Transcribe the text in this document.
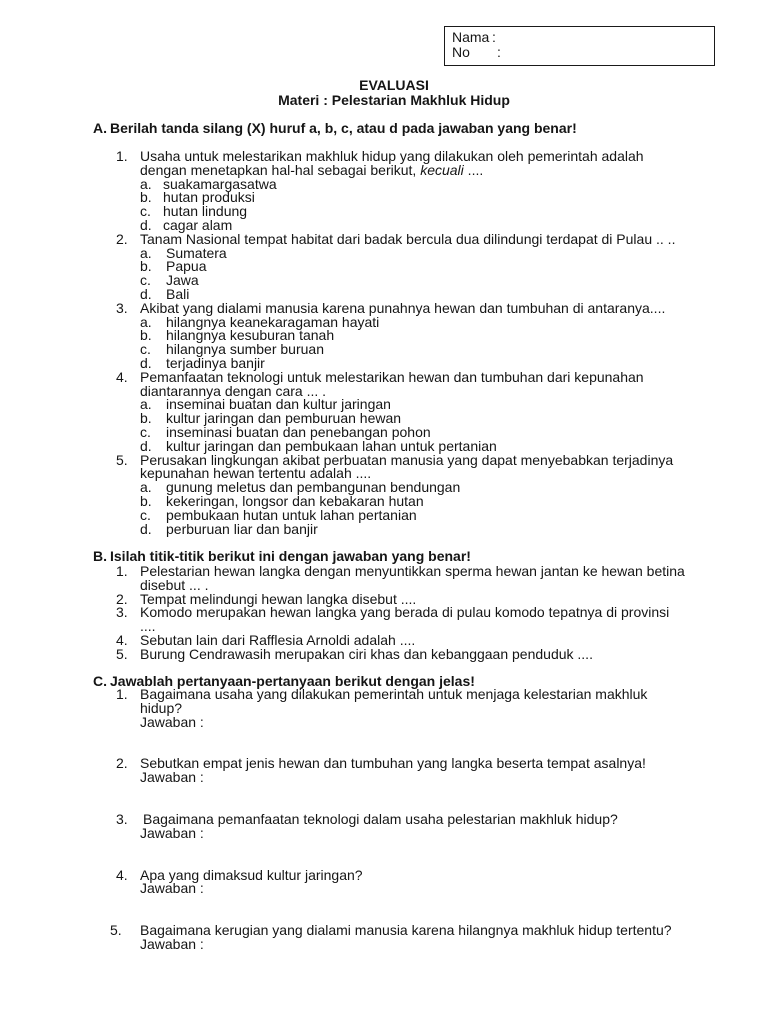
Nama :
No :
EVALUASI
Materi : Pelestarian Makhluk Hidup
A. Berilah tanda silang (X) huruf a, b, c, atau d pada jawaban yang benar!
1. Usaha untuk melestarikan makhluk hidup yang dilakukan oleh pemerintah adalah
dengan menetapkan hal-hal sebagai berikut, kecuali ....
a. suakamargasatwa
b. hutan produksi
c. hutan lindung
d. cagar alam
2. Tanam Nasional tempat habitat dari badak bercula dua dilindungi terdapat di Pulau .. ..
a.	Sumatera
b.	Papua
c.	Jawa
d.	Bali
3. Akibat yang dialami manusia karena punahnya hewan dan tumbuhan di antaranya....
a.	hilangnya keanekaragaman hayati
b.	hilangnya kesuburan tanah
c.	hilangnya sumber buruan
d.	terjadinya banjir
4. Pemanfaatan teknologi untuk melestarikan hewan dan tumbuhan dari kepunahan
diantarannya dengan cara ... .
a.	inseminai buatan dan kultur jaringan
b.	kultur jaringan dan pemburuan hewan
c.	inseminasi buatan dan penebangan pohon
d.	kultur jaringan dan pembukaan lahan untuk pertanian
5. Perusakan lingkungan akibat perbuatan manusia yang dapat menyebabkan terjadinya
kepunahan hewan tertentu adalah ....
a.	gunung meletus dan pembangunan bendungan
b.	kekeringan, longsor dan kebakaran hutan
c.	pembukaan hutan untuk lahan pertanian
d.	perburuan liar dan banjir
B. Isilah titik-titik berikut ini dengan jawaban yang benar!
1. Pelestarian hewan langka dengan menyuntikkan sperma hewan jantan ke hewan betina
disebut ... .
2. Tempat melindungi hewan langka disebut ....
3. Komodo merupakan hewan langka yang berada di pulau komodo tepatnya di provinsi
....
4. Sebutan lain dari Rafflesia Arnoldi adalah ....
5. Burung Cendrawasih merupakan ciri khas dan kebanggaan penduduk ....
C. Jawablah pertanyaan-pertanyaan berikut dengan jelas!
1. Bagaimana usaha yang dilakukan pemerintah untuk menjaga kelestarian makhluk
hidup?
Jawaban :
2. Sebutkan empat jenis hewan dan tumbuhan yang langka beserta tempat asalnya!
Jawaban :
3. Bagaimana pemanfaatan teknologi dalam usaha pelestarian makhluk hidup?
Jawaban :
4. Apa yang dimaksud kultur jaringan?
Jawaban :
5. Bagaimana kerugian yang dialami manusia karena hilangnya makhluk hidup tertentu?
Jawaban :
